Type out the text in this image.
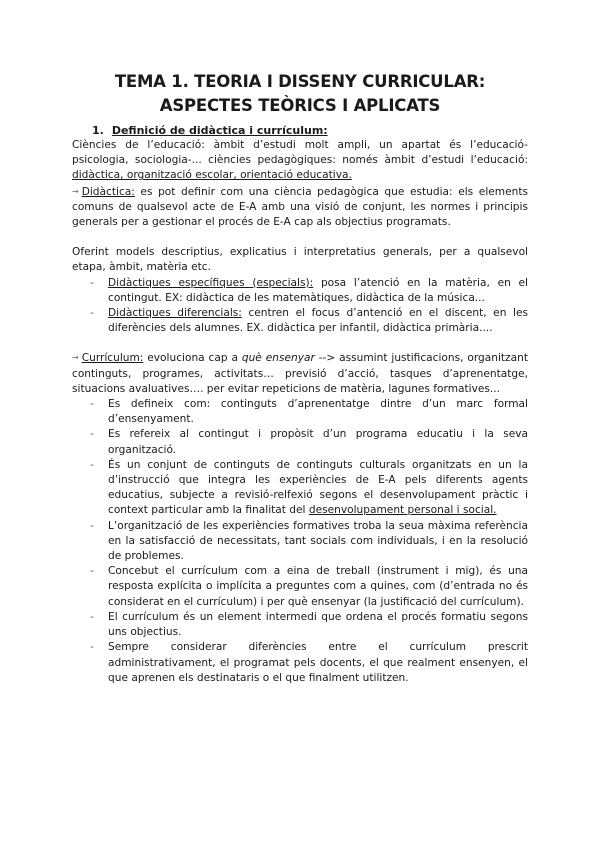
TEMA 1. TEORIA I DISSENY CURRICULAR: ASPECTES TEÒRICS I APLICATS
1. Definició de didàctica i currículum:

Ciències de l’educació: àmbit d’estudi molt ampli, un apartat és l’educació-psicologia, sociologia-... ciències pedagògiques: només àmbit d’estudi l’educació: didàctica, organització escolar, orientació educativa.

→ Didàctica: es pot definir com una ciència pedagògica que estudia: els elements comuns de qualsevol acte de E-A amb una visió de conjunt, les normes i principis generals per a gestionar el procés de E-A cap als objectius programats.

Oferint models descriptius, explicatius i interpretatius generals, per a qualsevol etapa, àmbit, matèria etc.

- Didàctiques específiques (especials): posa l’atenció en la matèria, en el contingut. EX: didàctica de les matemàtiques, didàctica de la música...
- Didàctiques diferencials: centren el focus d’antenció en el discent, en les diferències dels alumnes. EX. didàctica per infantil, didàctica primària....

→ Currículum: evoluciona cap a què ensenyar --> assumint justificacions, organitzant continguts, programes, activitats… previsió d’acció, tasques d’aprenentatge, situacions avaluatives…. per evitar repeticions de matèria, lagunes formatives...

- Es defineix com: continguts d’aprenentatge dintre d’un marc formal d’ensenyament.
- Es refereix al contingut i propòsit d’un programa educatiu i la seva organització.
- És un conjunt de continguts de continguts culturals organitzats en un la d’instrucció que integra les experiències de E-A pels diferents agents educatius, subjecte a revisió-relfexió segons el desenvolupament pràctic i context particular amb la finalitat del desenvolupament personal i social.
- L’organització de les experiències formatives troba la seua màxima referència en la satisfacció de necessitats, tant socials com individuals, i en la resolució de problemes.
- Concebut el currículum com a eina de treball (instrument i mig), és una resposta explícita o implícita a preguntes com a quines, com (d’entrada no és considerat en el currículum) i per què ensenyar (la justificació del currículum).
- El currículum és un element intermedi que ordena el procés formatiu segons uns objectius.
- Sempre considerar diferències entre el currículum prescrit administrativament, el programat pels docents, el que realment ensenyen, el que aprenen els destinataris o el que finalment utilitzen.
